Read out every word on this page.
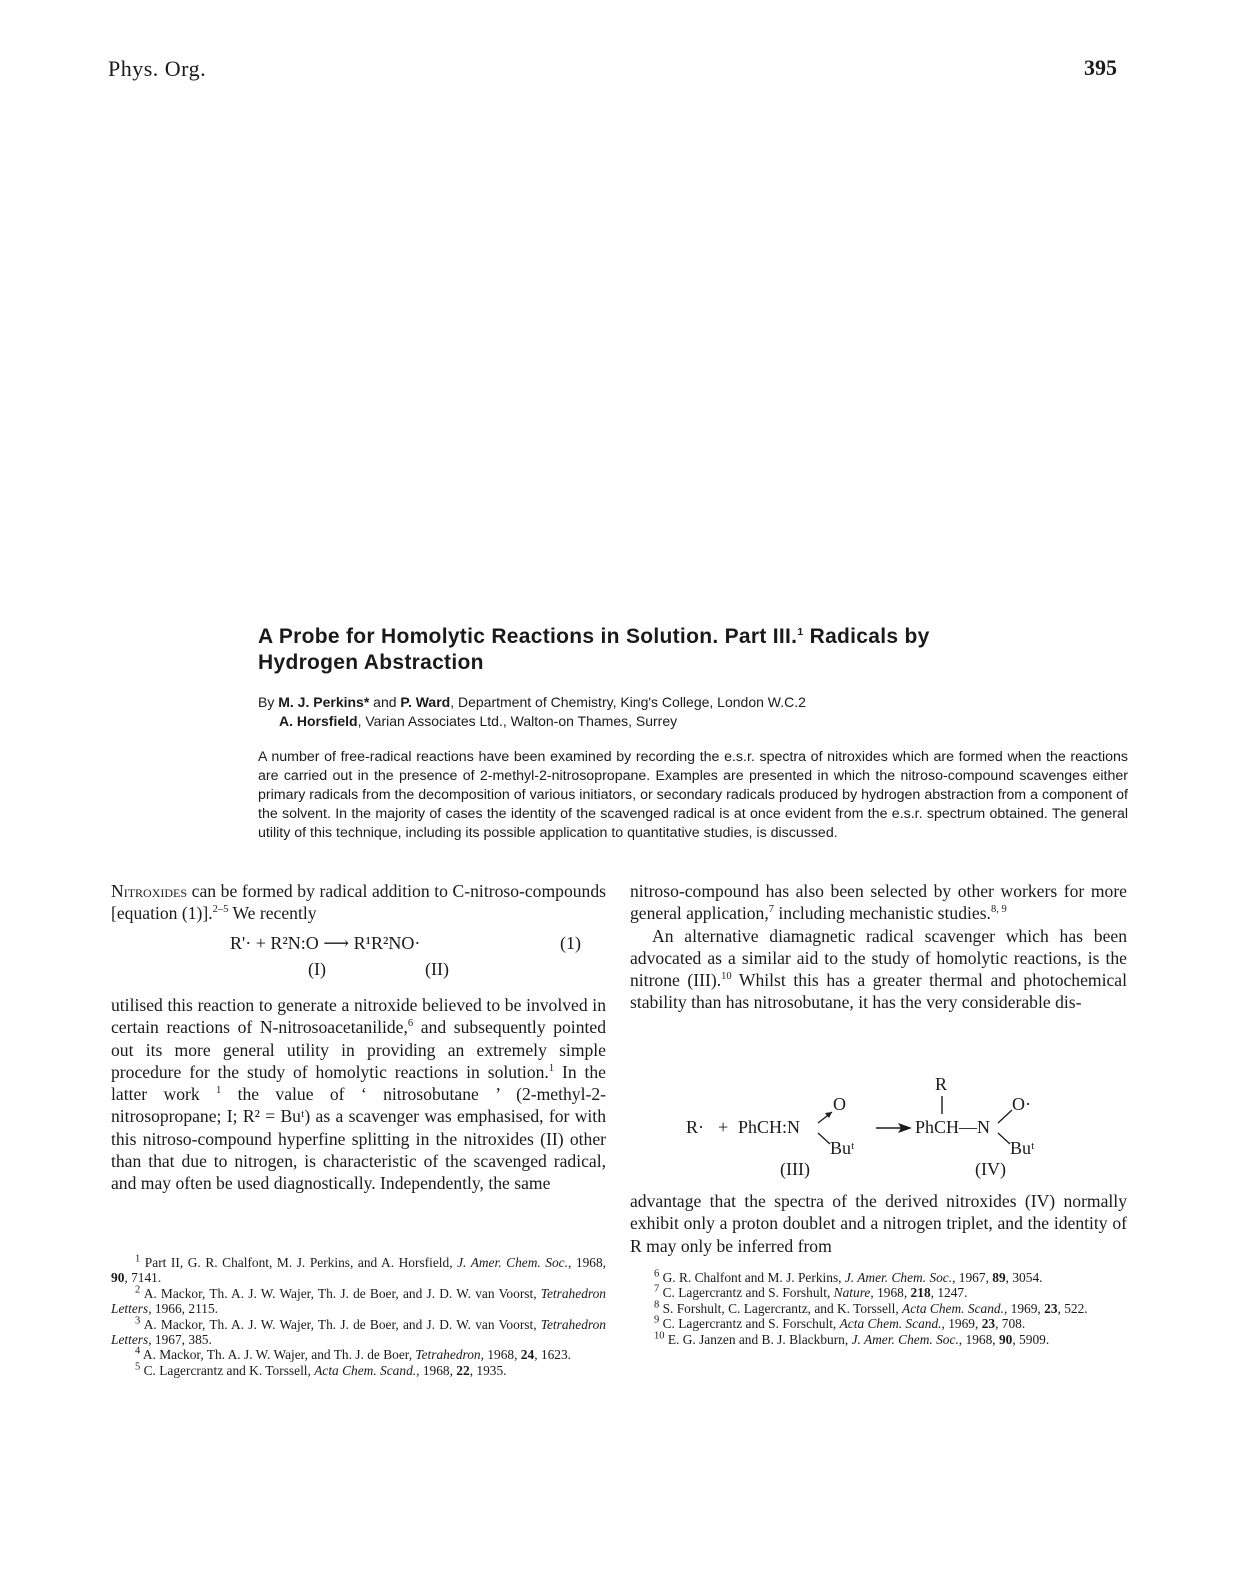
Phys. Org.	395
A Probe for Homolytic Reactions in Solution. Part III.$^1$ Radicals by
Hydrogen Abstraction
By M. J. Perkins* and P. Ward, Department of Chemistry, King's College, London W.C.2
A. Horsfield, Varian Associates Ltd., Walton-on Thames, Surrey
A number of free-radical reactions have been examined by recording the e.s.r. spectra of nitroxides which are formed when the reactions are carried out in the presence of 2-methyl-2-nitrosopropane. Examples are presented in which the nitroso-compound scavenges either primary radicals from the decomposition of various initiators, or secondary radicals produced by hydrogen abstraction from a component of the solvent. In the majority of cases the identity of the scavenged radical is at once evident from the e.s.r. spectrum obtained. The general utility of this technique, including its possible application to quantitative studies, is discussed.
Nitroxides can be formed by radical addition to C-nitroso-compounds [equation (1)].$^{2-5}$ We recently
R'· + R²N:O ⟶ R¹R²NO·	(1)
(I)	(II)
utilised this reaction to generate a nitroxide believed to be involved in certain reactions of N-nitrosoacetanilide,$^6$ and subsequently pointed out its more general utility in providing an extremely simple procedure for the study of homolytic reactions in solution.$^1$ In the latter work $^1$ the value of ‘ nitrosobutane ’ (2-methyl-2-nitrosopropane; I; R² = Buᵗ) as a scavenger was emphasised, for with this nitroso-compound hyperfine splitting in the nitroxides (II) other than that due to nitrogen, is characteristic of the scavenged radical, and may often be used diagnostically. Independently, the same

$^1$ Part II, G. R. Chalfont, M. J. Perkins, and A. Horsfield, J. Amer. Chem. Soc., 1968, 90, 7141.

$^2$ A. Mackor, Th. A. J. W. Wajer, Th. J. de Boer, and J. D. W. van Voorst, Tetrahedron Letters, 1966, 2115.

$^3$ A. Mackor, Th. A. J. W. Wajer, Th. J. de Boer, and J. D. W. van Voorst, Tetrahedron Letters, 1967, 385.

$^4$ A. Mackor, Th. A. J. W. Wajer, and Th. J. de Boer, Tetrahedron, 1968, 24, 1623.

$^5$ C. Lagercrantz and K. Torssell, Acta Chem. Scand., 1968, 22, 1935.

nitroso-compound has also been selected by other workers for more general application,$^7$ including mechanistic studies.$^{8, 9}$
An alternative diamagnetic radical scavenger which has been advocated as a similar aid to the study of homolytic reactions, is the nitrone (III).$^{10}$ Whilst this has a greater thermal and photochemical stability than has nitrosobutane, it has the very considerable dis-
R
R· + PhCH:N
O
Buᵗ
PhCH—N
O·
Buᵗ
(III)	(IV)
advantage that the spectra of the derived nitroxides (IV) normally exhibit only a proton doublet and a nitrogen triplet, and the identity of R may only be inferred from

$^6$ G. R. Chalfont and M. J. Perkins, J. Amer. Chem. Soc., 1967, 89, 3054.

$^7$ C. Lagercrantz and S. Forshult, Nature, 1968, 218, 1247.

$^8$ S. Forshult, C. Lagercrantz, and K. Torssell, Acta Chem. Scand., 1969, 23, 522.

$^9$ C. Lagercrantz and S. Forschult, Acta Chem. Scand., 1969, 23, 708.

$^{10}$ E. G. Janzen and B. J. Blackburn, J. Amer. Chem. Soc., 1968, 90, 5909.
